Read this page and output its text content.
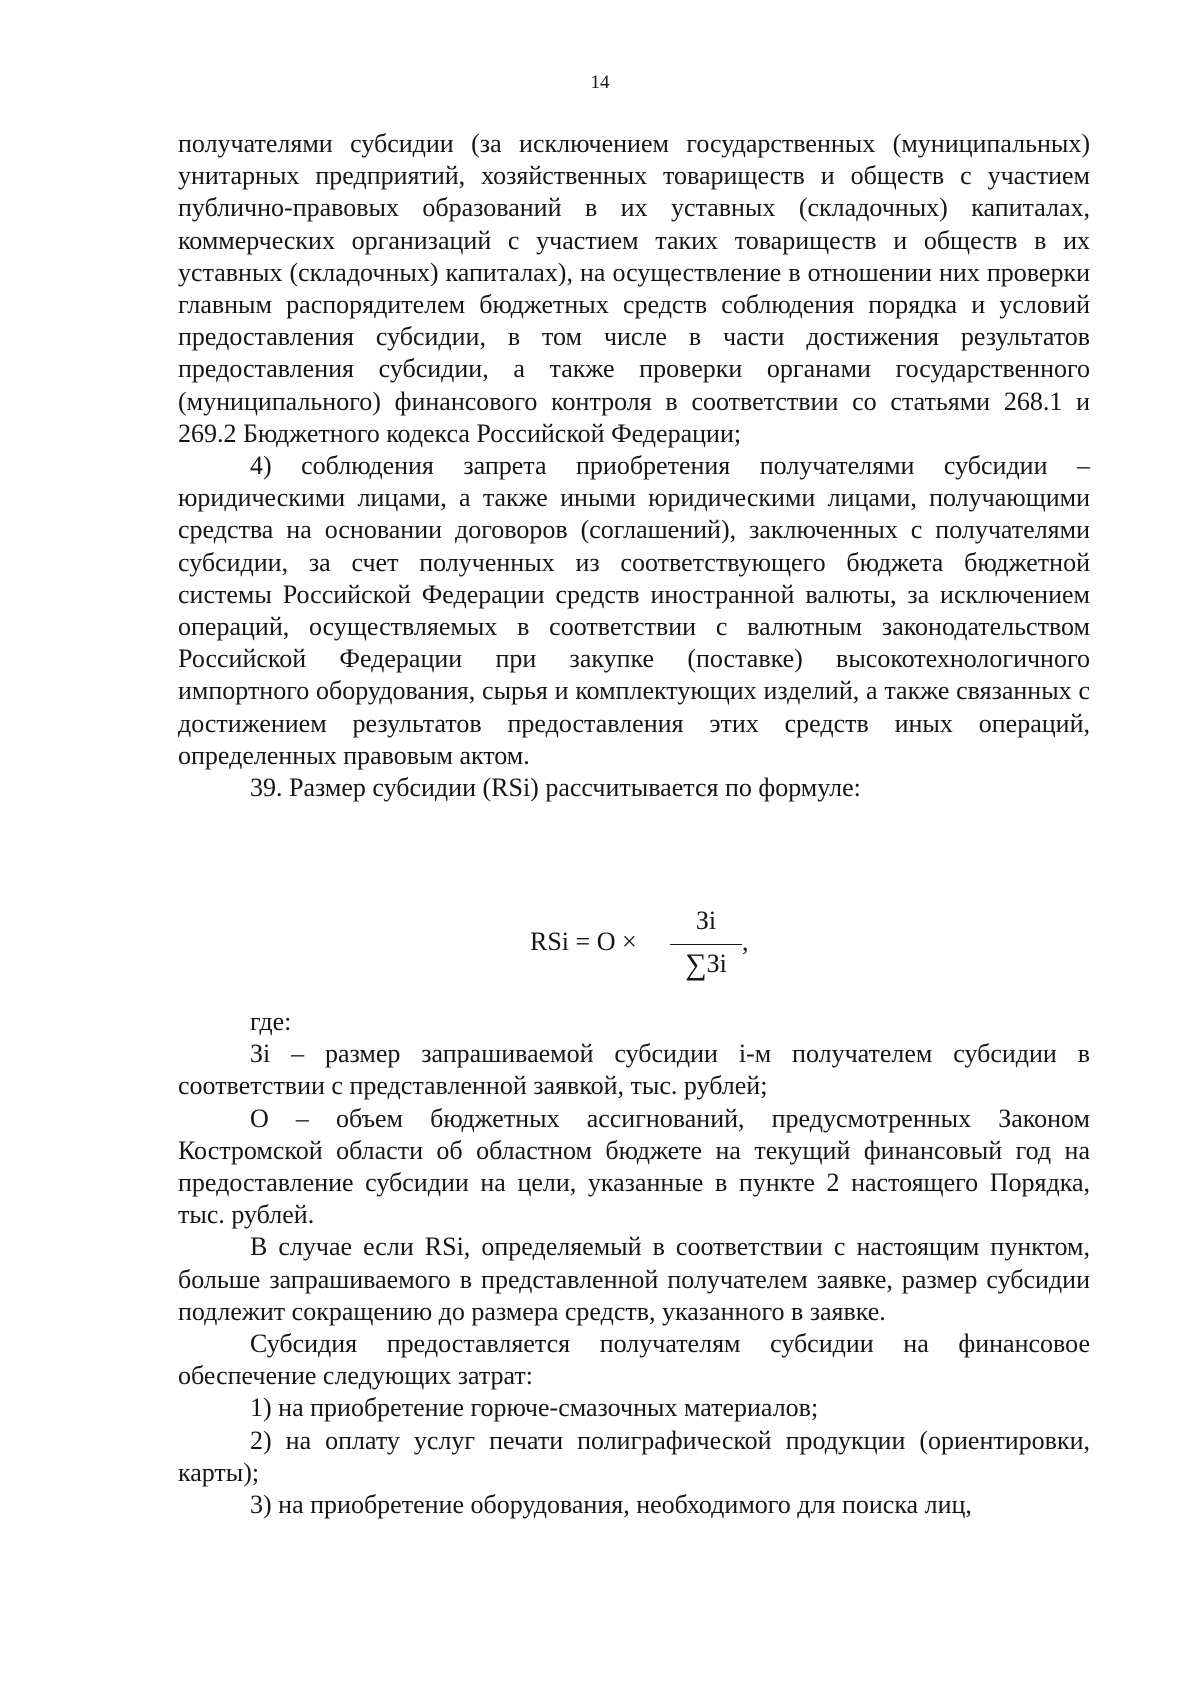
14

получателями субсидии (за исключением государственных (муниципальных) унитарных предприятий, хозяйственных товариществ и обществ с участием публично-правовых образований в их уставных (складочных) капиталах, коммерческих организаций с участием таких товариществ и обществ в их уставных (складочных) капиталах), на осуществление в отношении них проверки главным распорядителем бюджетных средств соблюдения порядка и условий предоставления субсидии, в том числе в части достижения результатов предоставления субсидии, а также проверки органами государственного (муниципального) финансового контроля в соответствии со статьями 268.1 и 269.2 Бюджетного кодекса Российской Федерации;

4) соблюдения запрета приобретения получателями субсидии – юридическими лицами, а также иными юридическими лицами, получающими средства на основании договоров (соглашений), заключенных с получателями субсидии, за счет полученных из соответствующего бюджета бюджетной системы Российской Федерации средств иностранной валюты, за исключением операций, осуществляемых в соответствии с валютным законодательством Российской Федерации при закупке (поставке) высокотехнологичного импортного оборудования, сырья и комплектующих изделий, а также связанных с достижением результатов предоставления этих средств иных операций, определенных правовым актом.

39. Размер субсидии (RSi) рассчитывается по формуле:

RSi = O ×
Зi
∑Зi
,

где:

Зi – размер запрашиваемой субсидии i-м получателем субсидии в соответствии с представленной заявкой, тыс. рублей;

O – объем бюджетных ассигнований, предусмотренных Законом Костромской области об областном бюджете на текущий финансовый год на предоставление субсидии на цели, указанные в пункте 2 настоящего Порядка, тыс. рублей.

В случае если RSi, определяемый в соответствии с настоящим пунктом, больше запрашиваемого в представленной получателем заявке, размер субсидии подлежит сокращению до размера средств, указанного в заявке.

Субсидия предоставляется получателям субсидии на финансовое обеспечение следующих затрат:

1) на приобретение горюче-смазочных материалов;

2) на оплату услуг печати полиграфической продукции (ориентировки, карты);

3) на приобретение оборудования, необходимого для поиска лиц,
